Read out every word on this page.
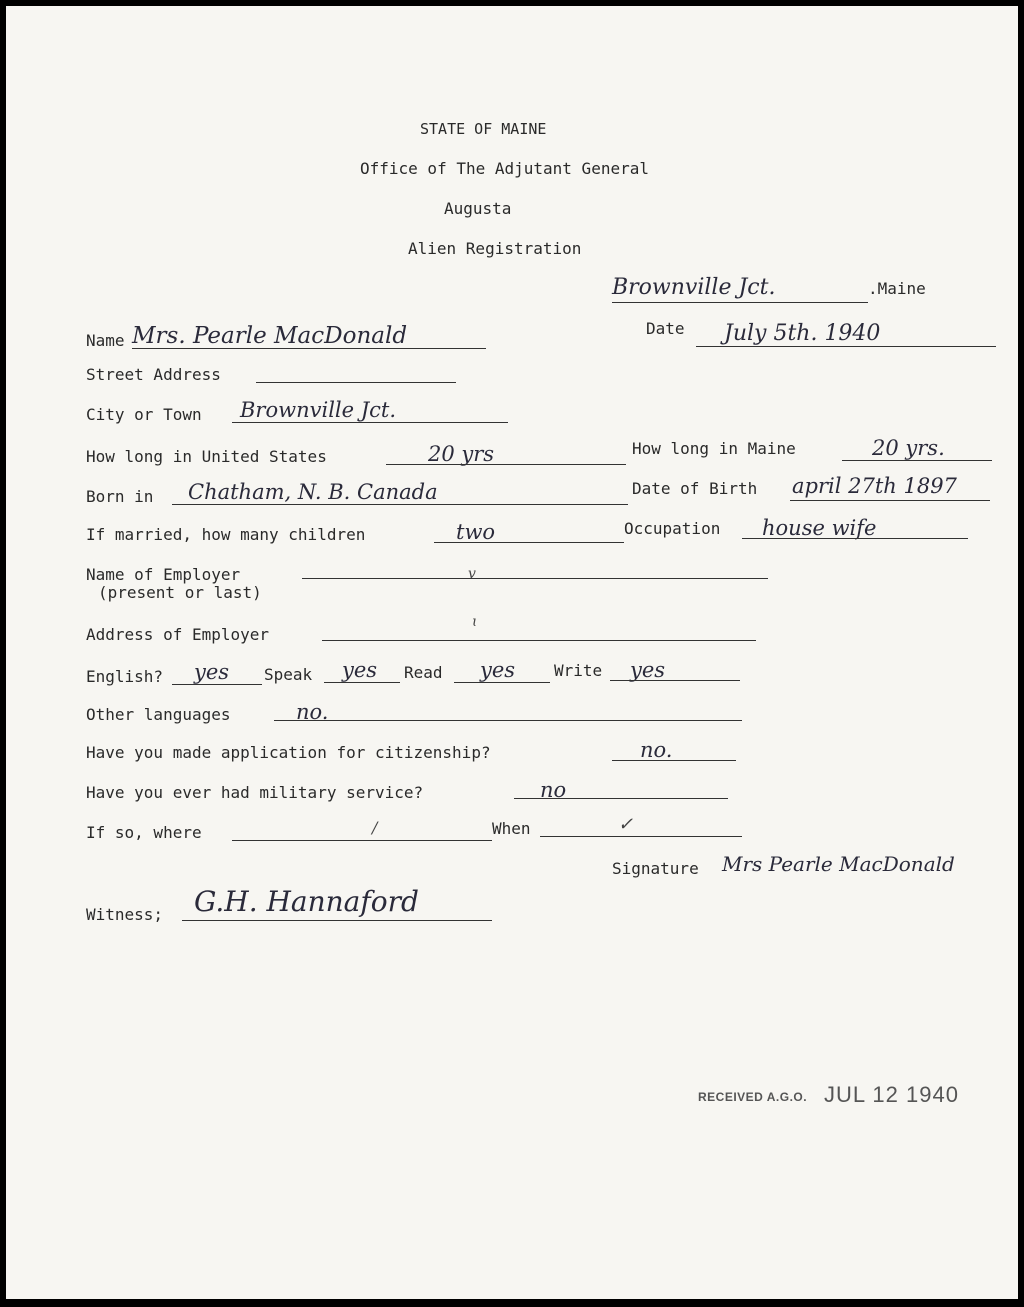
STATE OF MAINE
Office of The Adjutant General
Augusta
Alien Registration
Brownville Jct.	.Maine
Name Mrs. Pearle MacDonald	Date July 5th. 1940
Street Address
City or Town Brownville Jct.
How long in United States	20 yrs	How long in Maine	20 yrs.
Born in Chatham, N. B. Canada	Date of Birth april 27th 1897
If married, how many children	two	Occupation house wife
Name of Employer
(present or last)
v
Address of Employer
ɩ
English? yes Speak yes Read yes Write yes
Other languages	no.
Have you made application for citizenship?	no.
Have you ever had military service?	no
If so, where	/	When	✓
Signature Mrs Pearle MacDonald
Witness; G.H. Hannaford
RECEIVED A.G.O. JUL 12 1940
